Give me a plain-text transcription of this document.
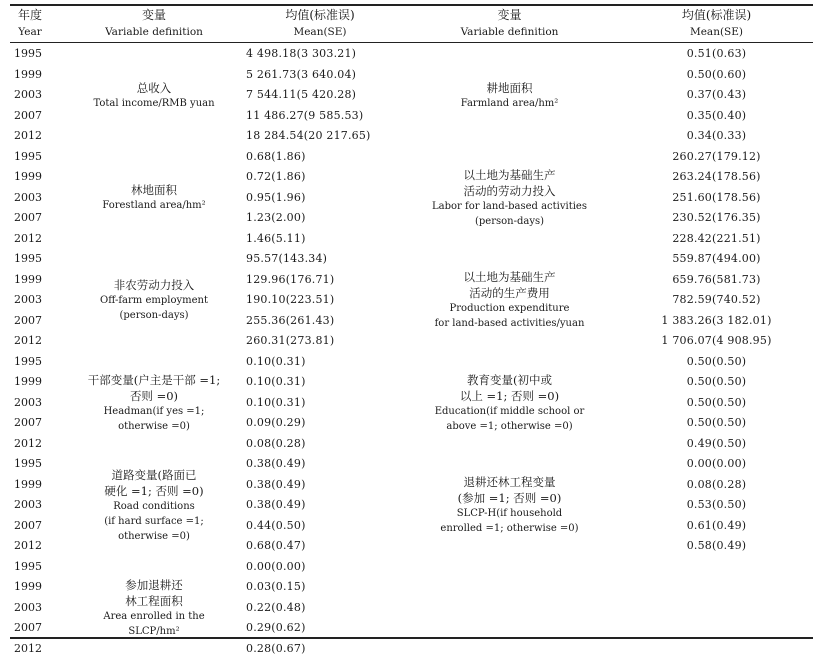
年度
Year
变量
Variable definition
均值(标准误)
Mean(SE)
变量
Variable definition
均值(标准误)
Mean(SE)
1995
1999
2003
2007
2012
1995
1999
2003
2007
2012
1995
1999
2003
2007
2012
1995
1999
2003
2007
2012
1995
1999
2003
2007
2012
1995
1999
2003
2007
2012
4 498.18(3 303.21)
5 261.73(3 640.04)
7 544.11(5 420.28)
11 486.27(9 585.53)
18 284.54(20 217.65)
0.68(1.86)
0.72(1.86)
0.95(1.96)
1.23(2.00)
1.46(5.11)
95.57(143.34)
129.96(176.71)
190.10(223.51)
255.36(261.43)
260.31(273.81)
0.10(0.31)
0.10(0.31)
0.10(0.31)
0.09(0.29)
0.08(0.28)
0.38(0.49)
0.38(0.49)
0.38(0.49)
0.44(0.50)
0.68(0.47)
0.00(0.00)
0.03(0.15)
0.22(0.48)
0.29(0.62)
0.28(0.67)
0.51(0.63)
0.50(0.60)
0.37(0.43)
0.35(0.40)
0.34(0.33)
260.27(179.12)
263.24(178.56)
251.60(178.56)
230.52(176.35)
228.42(221.51)
559.87(494.00)
659.76(581.73)
782.59(740.52)
1 383.26(3 182.01)
1 706.07(4 908.95)
0.50(0.50)
0.50(0.50)
0.50(0.50)
0.50(0.50)
0.49(0.50)
0.00(0.00)
0.08(0.28)
0.53(0.50)
0.61(0.49)
0.58(0.49)
总收入
Total income/RMB yuan
林地面积
Forestland area/hm²
非农劳动力投入
Off-farm employment
(person-days)
干部变量(户主是干部 =1;
否则 =0)
Headman(if yes =1;
otherwise =0)
道路变量(路面已
硬化 =1; 否则 =0)
Road conditions
(if hard surface =1;
otherwise =0)
参加退耕还
林工程面积
Area enrolled in the
SLCP/hm²
耕地面积
Farmland area/hm²
以土地为基础生产
活动的劳动力投入
Labor for land-based activities
(person-days)
以土地为基础生产
活动的生产费用
Production expenditure
for land-based activities/yuan
教育变量(初中或
以上 =1; 否则 =0)
Education(if middle school or
above =1; otherwise =0)
退耕还林工程变量
(参加 =1; 否则 =0)
SLCP-H(if household
enrolled =1; otherwise =0)
